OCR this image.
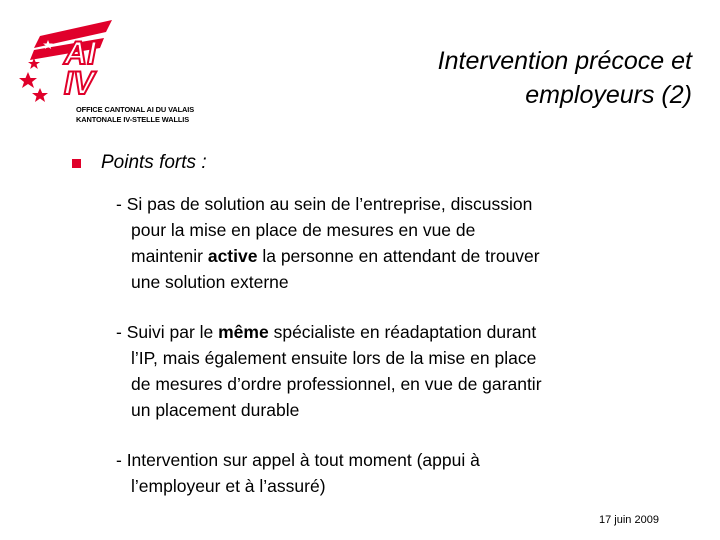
AI
IV
OFFICE CANTONAL AI DU VALAIS
KANTONALE IV-STELLE WALLIS
Intervention précoce et
employeurs (2)
Points forts :
- Si pas de solution au sein de l’entreprise, discussion
pour la mise en place de mesures en vue de
maintenir active la personne en attendant de trouver
une solution externe
- Suivi par le même spécialiste en réadaptation durant
l’IP, mais également ensuite lors de la mise en place
de mesures d’ordre professionnel, en vue de garantir
un placement durable
- Intervention sur appel à tout moment (appui à
l’employeur et à l’assuré)
17 juin 2009
